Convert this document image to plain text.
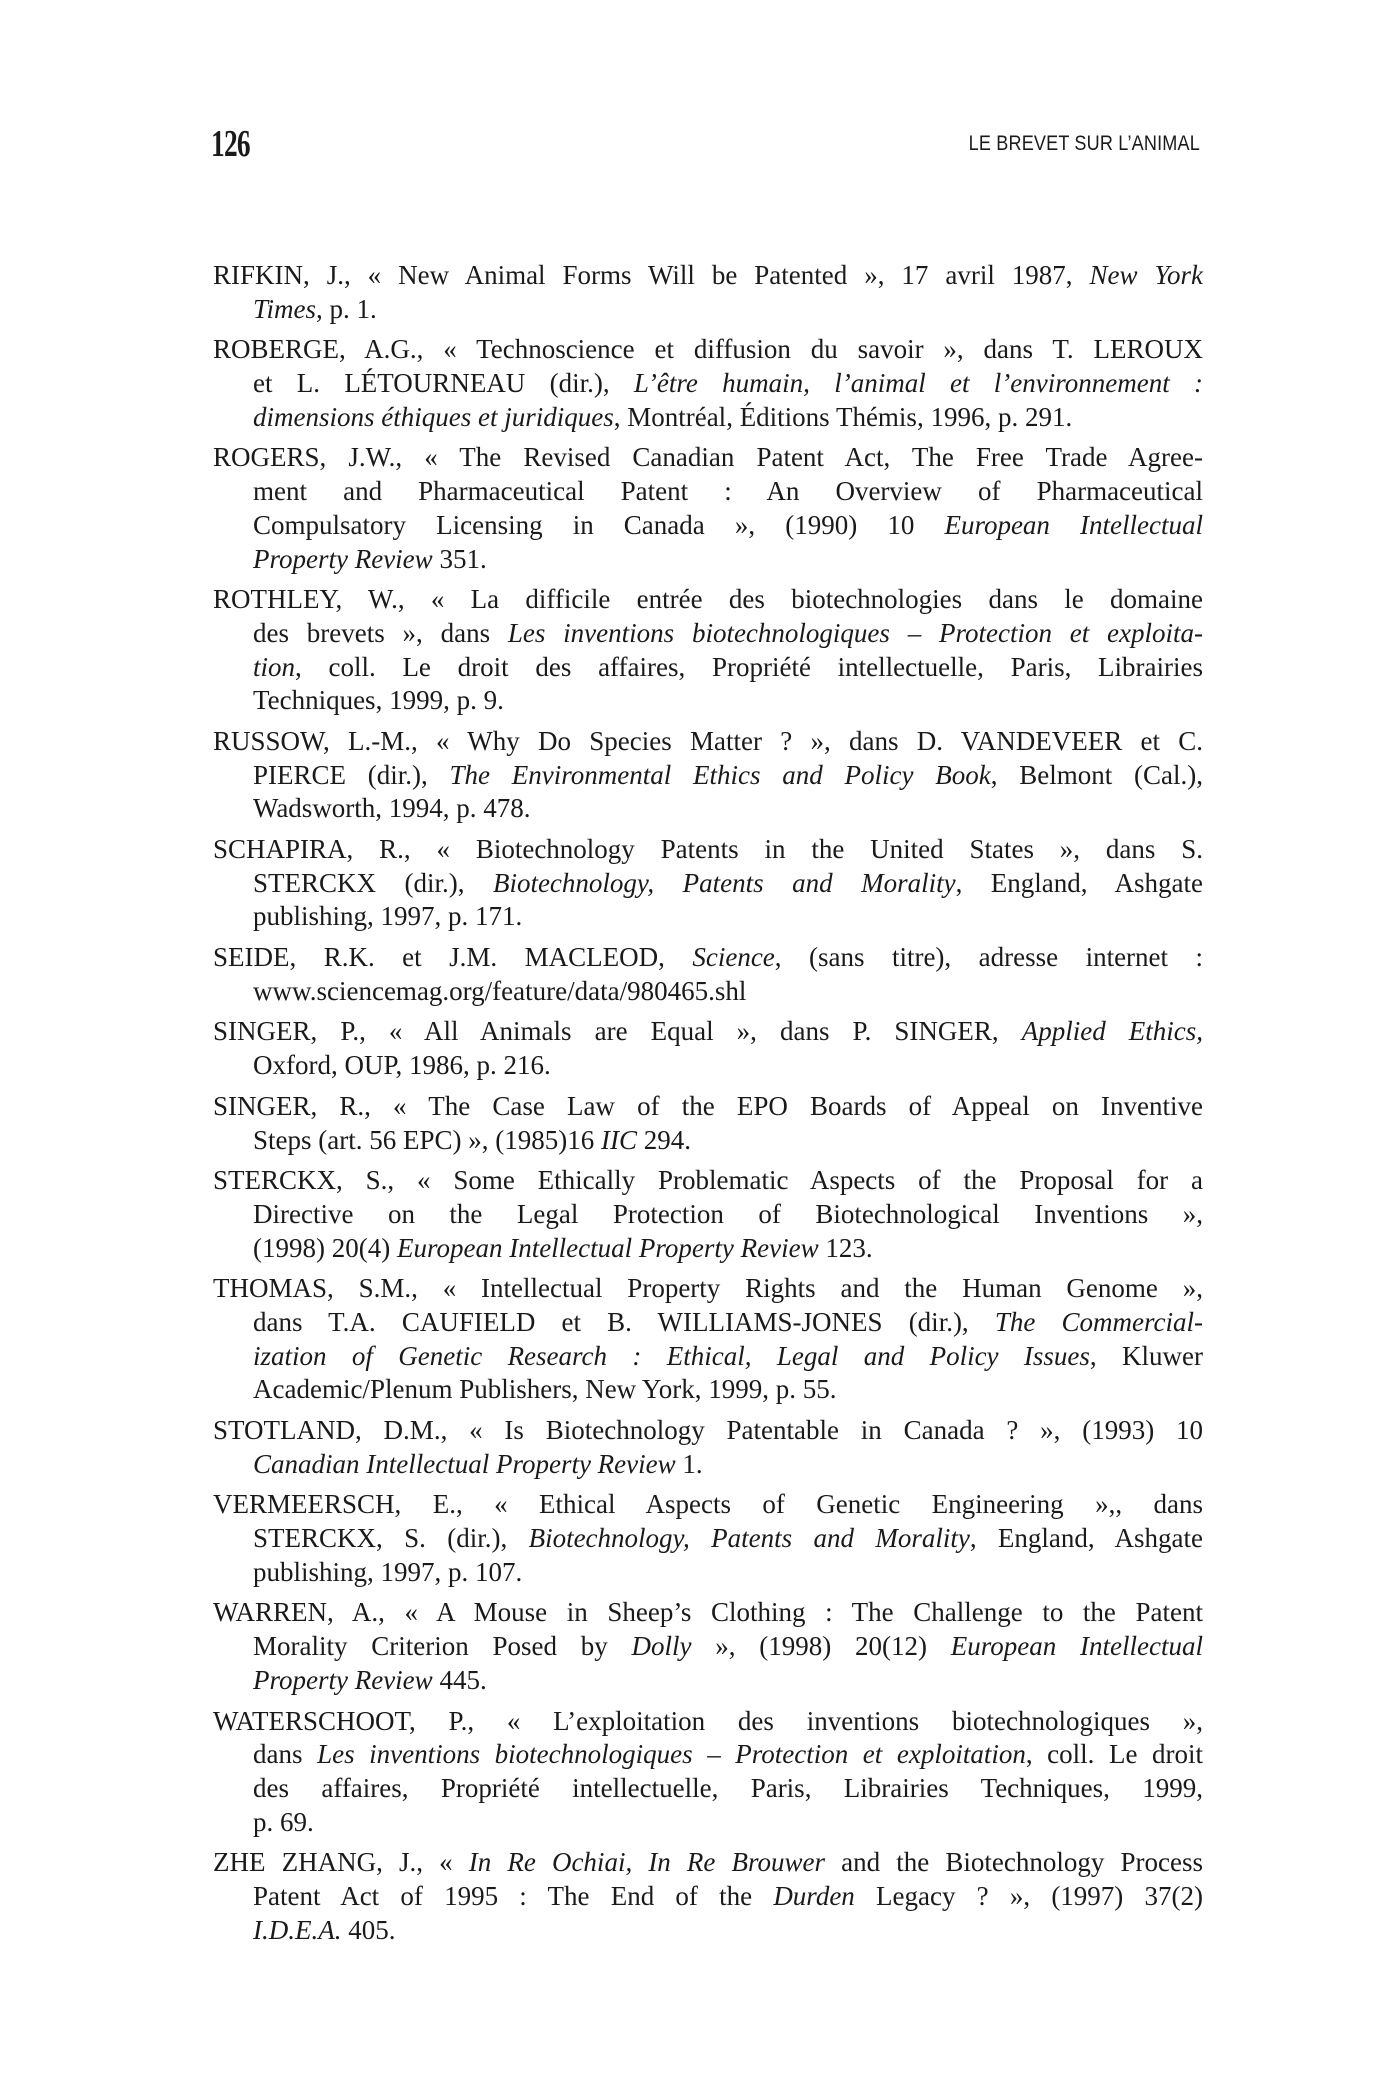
126	LE BREVET SUR L’ANIMAL
RIFKIN, J., « New Animal Forms Will be Patented », 17 avril 1987, New York
Times, p. 1.
ROBERGE, A.G., « Technoscience et diffusion du savoir », dans T. LEROUX
et L. LÉTOURNEAU (dir.), L’être humain, l’animal et l’environnement :
dimensions éthiques et juridiques, Montréal, Éditions Thémis, 1996, p. 291.
ROGERS, J.W., « The Revised Canadian Patent Act, The Free Trade Agree-
ment and Pharmaceutical Patent : An Overview of Pharmaceutical
Compulsatory Licensing in Canada », (1990) 10 European Intellectual
Property Review 351.
ROTHLEY, W., « La difficile entrée des biotechnologies dans le domaine
des brevets », dans Les inventions biotechnologiques – Protection et exploita-
tion, coll. Le droit des affaires, Propriété intellectuelle, Paris, Librairies
Techniques, 1999, p. 9.
RUSSOW, L.-M., « Why Do Species Matter ? », dans D. VANDEVEER et C.
PIERCE (dir.), The Environmental Ethics and Policy Book, Belmont (Cal.),
Wadsworth, 1994, p. 478.
SCHAPIRA, R., « Biotechnology Patents in the United States », dans S.
STERCKX (dir.), Biotechnology, Patents and Morality, England, Ashgate
publishing, 1997, p. 171.
SEIDE, R.K. et J.M. MACLEOD, Science, (sans titre), adresse internet :
www.sciencemag.org/feature/data/980465.shl
SINGER, P., « All Animals are Equal », dans P. SINGER, Applied Ethics,
Oxford, OUP, 1986, p. 216.
SINGER, R., « The Case Law of the EPO Boards of Appeal on Inventive
Steps (art. 56 EPC) », (1985)16 IIC 294.
STERCKX, S., « Some Ethically Problematic Aspects of the Proposal for a
Directive on the Legal Protection of Biotechnological Inventions »,
(1998) 20(4) European Intellectual Property Review 123.
THOMAS, S.M., « Intellectual Property Rights and the Human Genome »,
dans T.A. CAUFIELD et B. WILLIAMS-JONES (dir.), The Commercial-
ization of Genetic Research : Ethical, Legal and Policy Issues, Kluwer
Academic/Plenum Publishers, New York, 1999, p. 55.
STOTLAND, D.M., « Is Biotechnology Patentable in Canada ? », (1993) 10
Canadian Intellectual Property Review 1.
VERMEERSCH, E., « Ethical Aspects of Genetic Engineering »,, dans
STERCKX, S. (dir.), Biotechnology, Patents and Morality, England, Ashgate
publishing, 1997, p. 107.
WARREN, A., « A Mouse in Sheep’s Clothing : The Challenge to the Patent
Morality Criterion Posed by Dolly », (1998) 20(12) European Intellectual
Property Review 445.
WATERSCHOOT, P., « L’exploitation des inventions biotechnologiques »,
dans Les inventions biotechnologiques – Protection et exploitation, coll. Le droit
des affaires, Propriété intellectuelle, Paris, Librairies Techniques, 1999,
p. 69.
ZHE ZHANG, J., « In Re Ochiai, In Re Brouwer and the Biotechnology Process
Patent Act of 1995 : The End of the Durden Legacy ? », (1997) 37(2)
I.D.E.A. 405.
